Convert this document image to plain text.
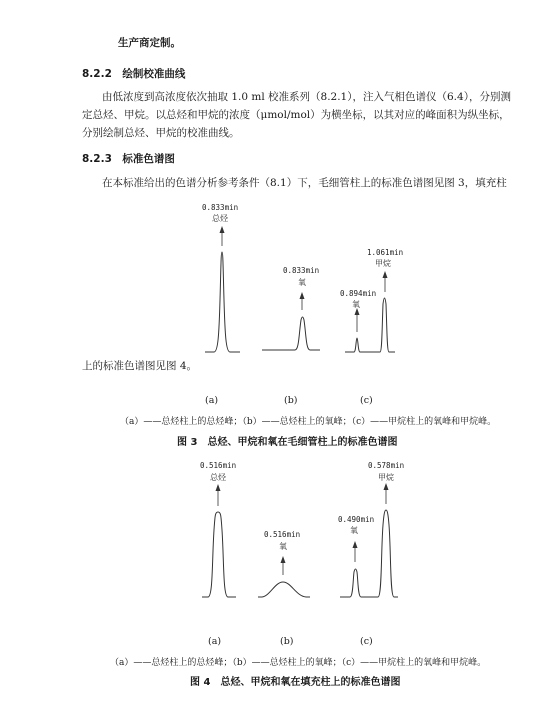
生产商定制。
8.2.2　绘制校准曲线
由低浓度到高浓度依次抽取 1.0 ml 校准系列（8.2.1），注入气相色谱仪（6.4），分别测
定总烃、甲烷。以总烃和甲烷的浓度（μmol/mol）为横坐标，以其对应的峰面积为纵坐标，
分别绘制总烃、甲烷的校准曲线。
8.2.3　标准色谱图
在本标准给出的色谱分析参考条件（8.1）下，毛细管柱上的标准色谱图见图 3，填充柱
上的标准色谱图见图 4。
0.833min
总烃
0.833min
氧
0.894min
氧
1.061min
甲烷
(a)	(b)	(c)
（a）——总烃柱上的总烃峰；（b）——总烃柱上的氧峰；（c）——甲烷柱上的氧峰和甲烷峰。
图 3　总烃、甲烷和氧在毛细管柱上的标准色谱图
0.516min
总烃
0.516min
氧
0.490min
氧
0.578min
甲烷
(a)	(b)	(c)
（a）——总烃柱上的总烃峰；（b）——总烃柱上的氧峰；（c）——甲烷柱上的氧峰和甲烷峰。
图 4　总烃、甲烷和氧在填充柱上的标准色谱图
